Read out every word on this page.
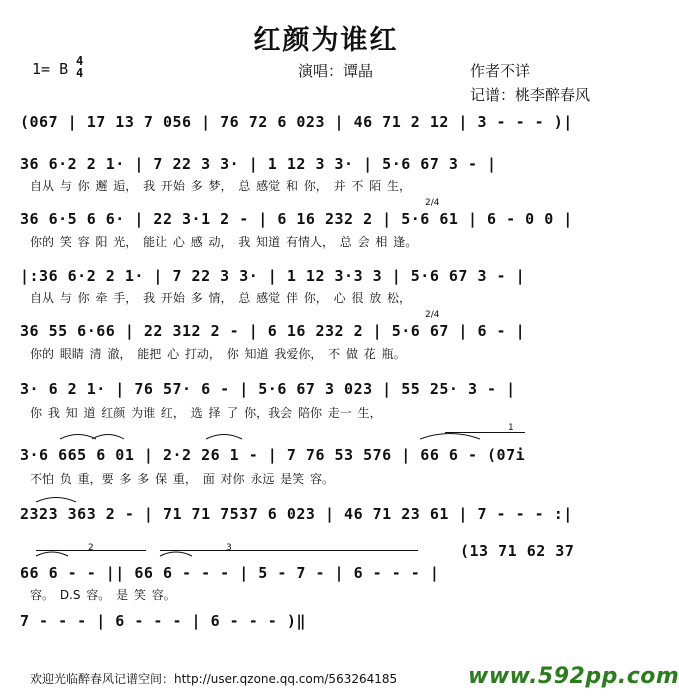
红颜为谁红
1= B 4
4	演唱：谭晶	作者不详
记谱：桃李醉春风
2/4
2/4
(067 | 17 13 7 056 | 76 72 6 023 | 46 71 2 12 | 3 - - - )|
36 6·2 2 1· | 7 22 3 3· | 1 12 3 3· | 5·6 67 3 - |
自从 与 你 邂 逅， 我 开始 多 梦， 总 感觉 和 你， 并 不 陌 生，
36 6·5 6 6· | 22 3·1 2 - | 6 16 232 2 | 5·6 61 | 6 - 0 0 |
你的 笑 容 阳 光， 能让 心 感 动， 我 知道 有情人， 总 会 相 逢。
|:36 6·2 2 1· | 7 22 3 3· | 1 12 3·3 3 | 5·6 67 3 - |
自从 与 你 牵 手， 我 开始 多 情， 总 感觉 伴 你， 心 很 放 松，
36 55 6·66 | 22 312 2 - | 6 16 232 2 | 5·6 67 | 6 - |
你的 眼睛 清 澈， 能把 心 打动， 你 知道 我爱你， 不 做 花 瓶。
3· 6 2 1· | 76 57· 6 - | 5·6 67 3 023 | 55 25· 3 - |
你 我 知 道 红颜 为谁 红， 选 择 了 你，我会 陪你 走一 生，
3·6 665 6 01 | 2·2 26 1 - | 7 76 53 576 | 66 6 - (07i
不怕 负 重，要 多 多 保 重， 面 对你 永远 是笑 容。
1
2323 363 2 - | 71 71 7537 6 023 | 46 71 23 61 | 7 - - - :|
2	3	(13 71 62 37
66 6 - - || 66 6 - - - | 5 - 7 - | 6 - - - |
容。 D.S 容。 是 笑 容。
7 - - - | 6 - - - | 6 - - - )‖
欢迎光临醉春风记谱空间：http://user.qzone.qq.com/563264185	www.592pp.com
